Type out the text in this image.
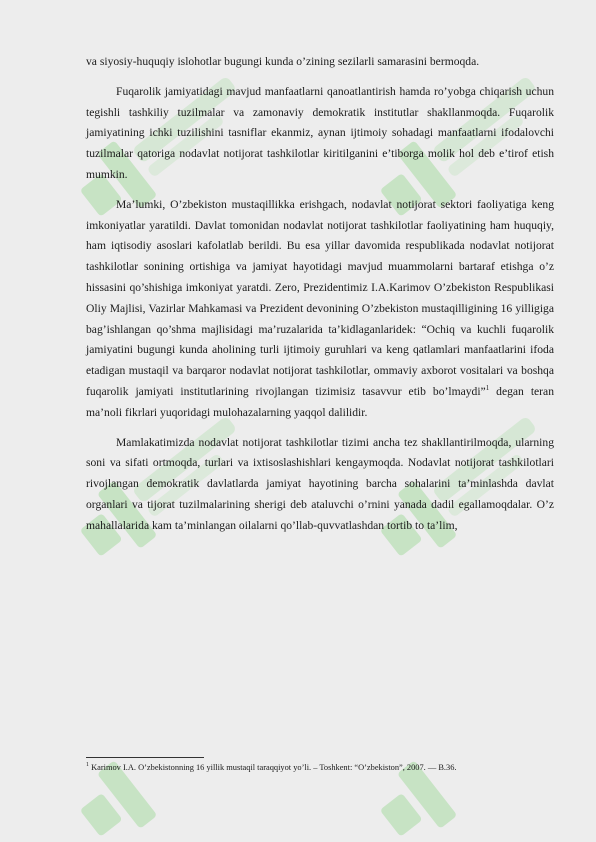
va siyosiy-huquqiy islohotlar bugungi kunda o’zining sezilarli samarasini bermoqda.

Fuqarolik jamiyatidagi mavjud manfaatlarni qanoatlantirish hamda ro’yobga chiqarish uchun tegishli tashkiliy tuzilmalar va zamonaviy demokratik institutlar shakllanmoqda. Fuqarolik jamiyatining ichki tuzilishini tasniflar ekanmiz, aynan ijtimoiy sohadagi manfaatlarni ifodalovchi tuzilmalar qatoriga nodavlat notijorat tashkilotlar kiritilganini e’tiborga molik hol deb e’tirof etish mumkin.

Ma’lumki, O’zbekiston mustaqillikka erishgach, nodavlat notijorat sektori faoliyatiga keng imkoniyatlar yaratildi. Davlat tomonidan nodavlat notijorat tashkilotlar faoliyatining ham huquqiy, ham iqtisodiy asoslari kafolatlab berildi. Bu esa yillar davomida respublikada nodavlat notijorat tashkilotlar sonining ortishiga va jamiyat hayotidagi mavjud muammolarni bartaraf etishga o’z hissasini qo’shishiga imkoniyat yaratdi. Zero, Prezidentimiz I.A.Karimov O’zbekiston Respublikasi Oliy Majlisi, Vazirlar Mahkamasi va Prezident devonining O’zbekiston mustaqilligining 16 yilligiga bag’ishlangan qo’shma majlisidagi ma’ruzalarida ta’kidlaganlaridek: “Ochiq va kuchli fuqarolik jamiyatini bugungi kunda aholining turli ijtimoiy guruhlari va keng qatlamlari manfaatlarini ifoda etadigan mustaqil va barqaror nodavlat notijorat tashkilotlar, ommaviy axborot vositalari va boshqa fuqarolik jamiyati institutlarining rivojlangan tizimisiz tasavvur etib bo’lmaydi”$^1$ degan teran ma’noli fikrlari yuqoridagi mulohazalarning yaqqol dalilidir.

Mamlakatimizda nodavlat notijorat tashkilotlar tizimi ancha tez shakllantirilmoqda, ularning soni va sifati ortmoqda, turlari va ixtisoslashishlari kengaymoqda. Nodavlat notijorat tashkilotlari rivojlangan demokratik davlatlarda jamiyat hayotining barcha sohalarini ta’minlashda davlat organlari va tijorat tuzilmalarining sherigi deb ataluvchi o’rnini yanada dadil egallamoqdalar. O’z mahallalarida kam ta’minlangan oilalarni qo’llab-quvvatlashdan tortib to ta’lim,

$^1$ Karimov I.A. O’zbekistonning 16 yillik mustaqil taraqqiyot yo’li. – Toshkent: “O’zbekiston”, 2007. — B.36.
